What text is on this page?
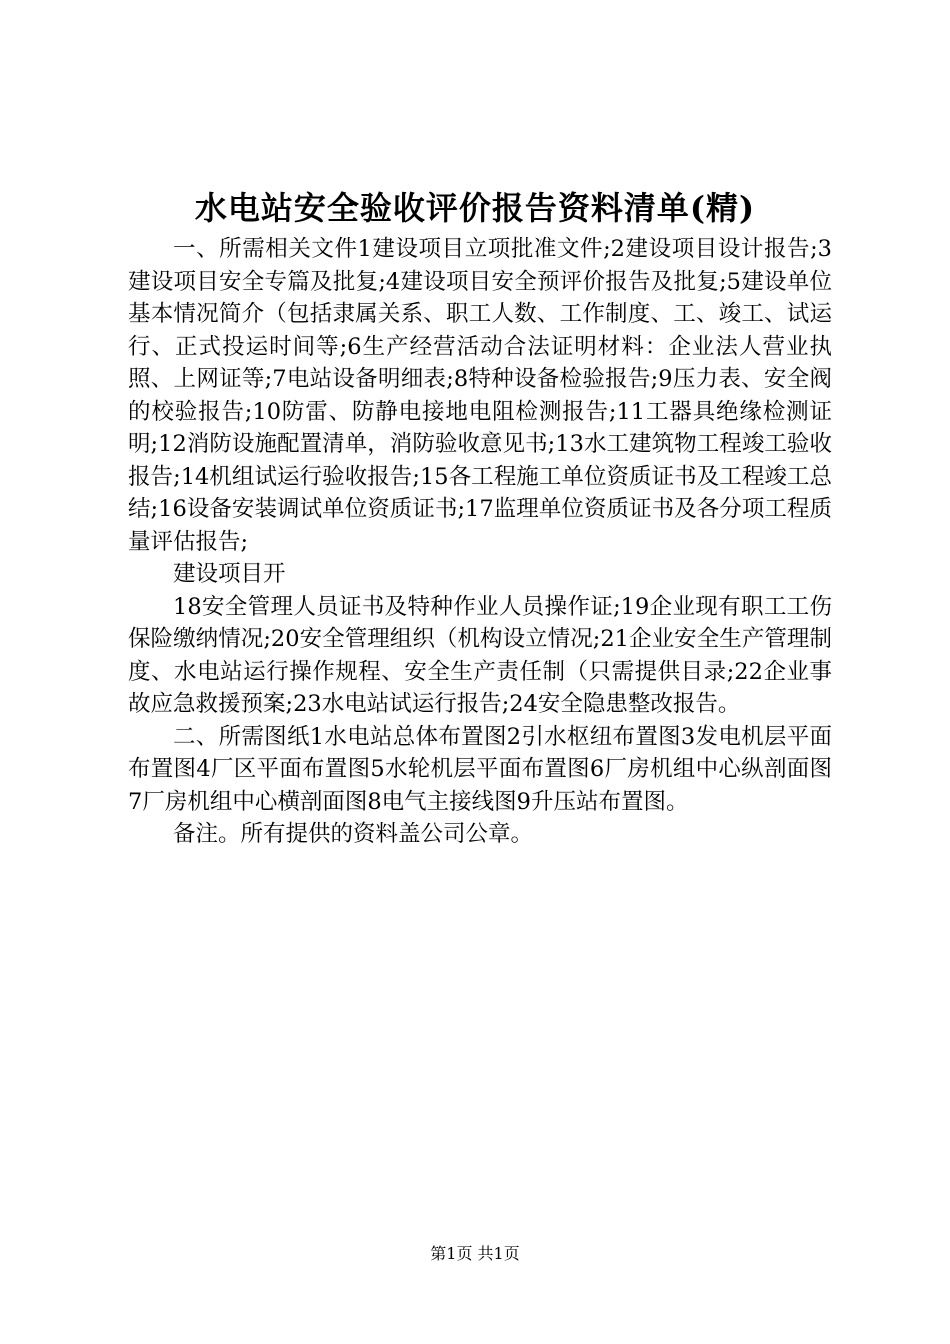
水电站安全验收评价报告资料清单(精)

一、所需相关文件1建设项目立项批准文件;2建设项目设计报告;3建设项目安全专篇及批复;4建设项目安全预评价报告及批复;5建设单位基本情况简介（包括隶属关系、职工人数、工作制度、工、竣工、试运行、正式投运时间等;6生产经营活动合法证明材料：企业法人营业执照、上网证等;7电站设备明细表;8特种设备检验报告;9压力表、安全阀的校验报告;10防雷、防静电接地电阻检测报告;11工器具绝缘检测证明;12消防设施配置清单，消防验收意见书;13水工建筑物工程竣工验收报告;14机组试运行验收报告;15各工程施工单位资质证书及工程竣工总结;16设备安装调试单位资质证书;17监理单位资质证书及各分项工程质量评估报告;

建设项目开

18安全管理人员证书及特种作业人员操作证;19企业现有职工工伤保险缴纳情况;20安全管理组织（机构设立情况;21企业安全生产管理制度、水电站运行操作规程、安全生产责任制（只需提供目录;22企业事故应急救援预案;23水电站试运行报告;24安全隐患整改报告。

二、所需图纸1水电站总体布置图2引水枢纽布置图3发电机层平面布置图4厂区平面布置图5水轮机层平面布置图6厂房机组中心纵剖面图7厂房机组中心横剖面图8电气主接线图9升压站布置图。

备注。所有提供的资料盖公司公章。

第1页 共1页
